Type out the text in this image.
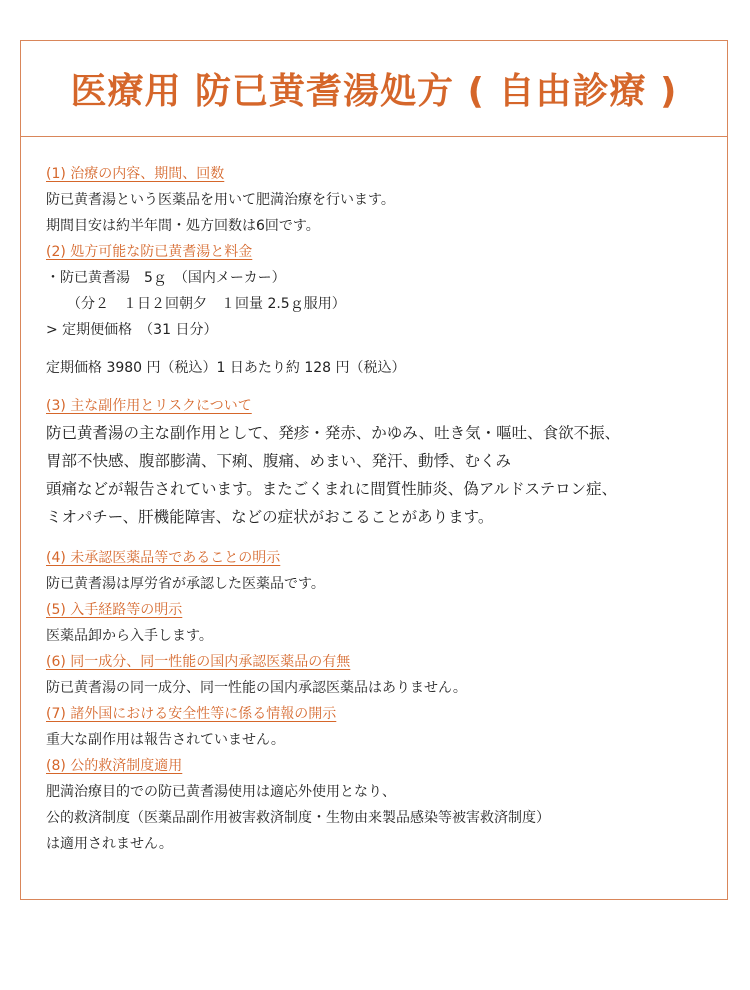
医療用 防已黄耆湯処方 ( 自由診療 )
(1) 治療の内容、期間、回数
防已黄耆湯という医薬品を用いて肥満治療を行います。
期間目安は約半年間・処方回数は6回です。
(2) 処方可能な防已黄耆湯と料金
・防已黄耆湯　5ｇ　（国内メーカー）
　　（分２　１日２回朝夕　１回量 2.5ｇ服用）
> 定期便価格　（31 日分）
定期価格 3980 円（税込）1 日あたり約 128 円（税込）
(3) 主な副作用とリスクについて
防已黄耆湯の主な副作用として、発疹・発赤、かゆみ、吐き気・嘔吐、食欲不振、
胃部不快感、腹部膨満、下痢、腹痛、めまい、発汗、動悸、むくみ
頭痛などが報告されています。またごくまれに間質性肺炎、偽アルドステロン症、
ミオパチー、肝機能障害、などの症状がおこることがあります。
(4) 未承認医薬品等であることの明示
防已黄耆湯は厚労省が承認した医薬品です。
(5) 入手経路等の明示
医薬品卸から入手します。
(6) 同一成分、同一性能の国内承認医薬品の有無
防已黄耆湯の同一成分、同一性能の国内承認医薬品はありません。
(7) 諸外国における安全性等に係る情報の開示
重大な副作用は報告されていません。
(8) 公的救済制度適用
肥満治療目的での防已黄耆湯使用は適応外使用となり、
公的救済制度（医薬品副作用被害救済制度・生物由来製品感染等被害救済制度）
は適用されません。
